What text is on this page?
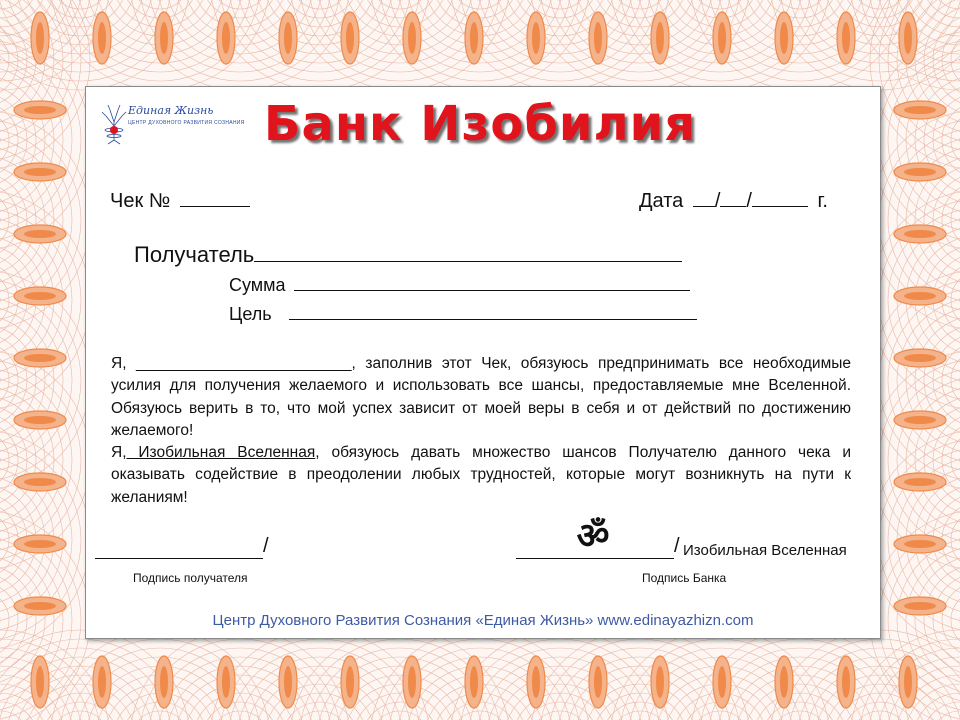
Единая Жизнь
ЦЕНТР ДУХОВНОГО РАЗВИТИЯ СОЗНАНИЯ Банк Изобилия
Чек №	Дата / /	г.
Получатель
Сумма
Цель
Я, _________________________, заполнив этот Чек, обязуюсь предпринимать все необходимые усилия для получения желаемого и использовать все шансы, предоставляемые мне Вселенной. Обязуюсь верить в то, что мой успех зависит от моей веры в себя и от действий по достижению желаемого!
Я, Изобильная Вселенная, обязуюсь давать множество шансов Получателю данного чека и оказывать содействие в преодолении любых трудностей, которые могут возникнуть на пути к желаниям!
/	ॐ	/ Изобильная Вселенная
Подпись получателя	Подпись Банка
Центр Духовного Развития Сознания «Единая Жизнь» www.edinayazhizn.com
